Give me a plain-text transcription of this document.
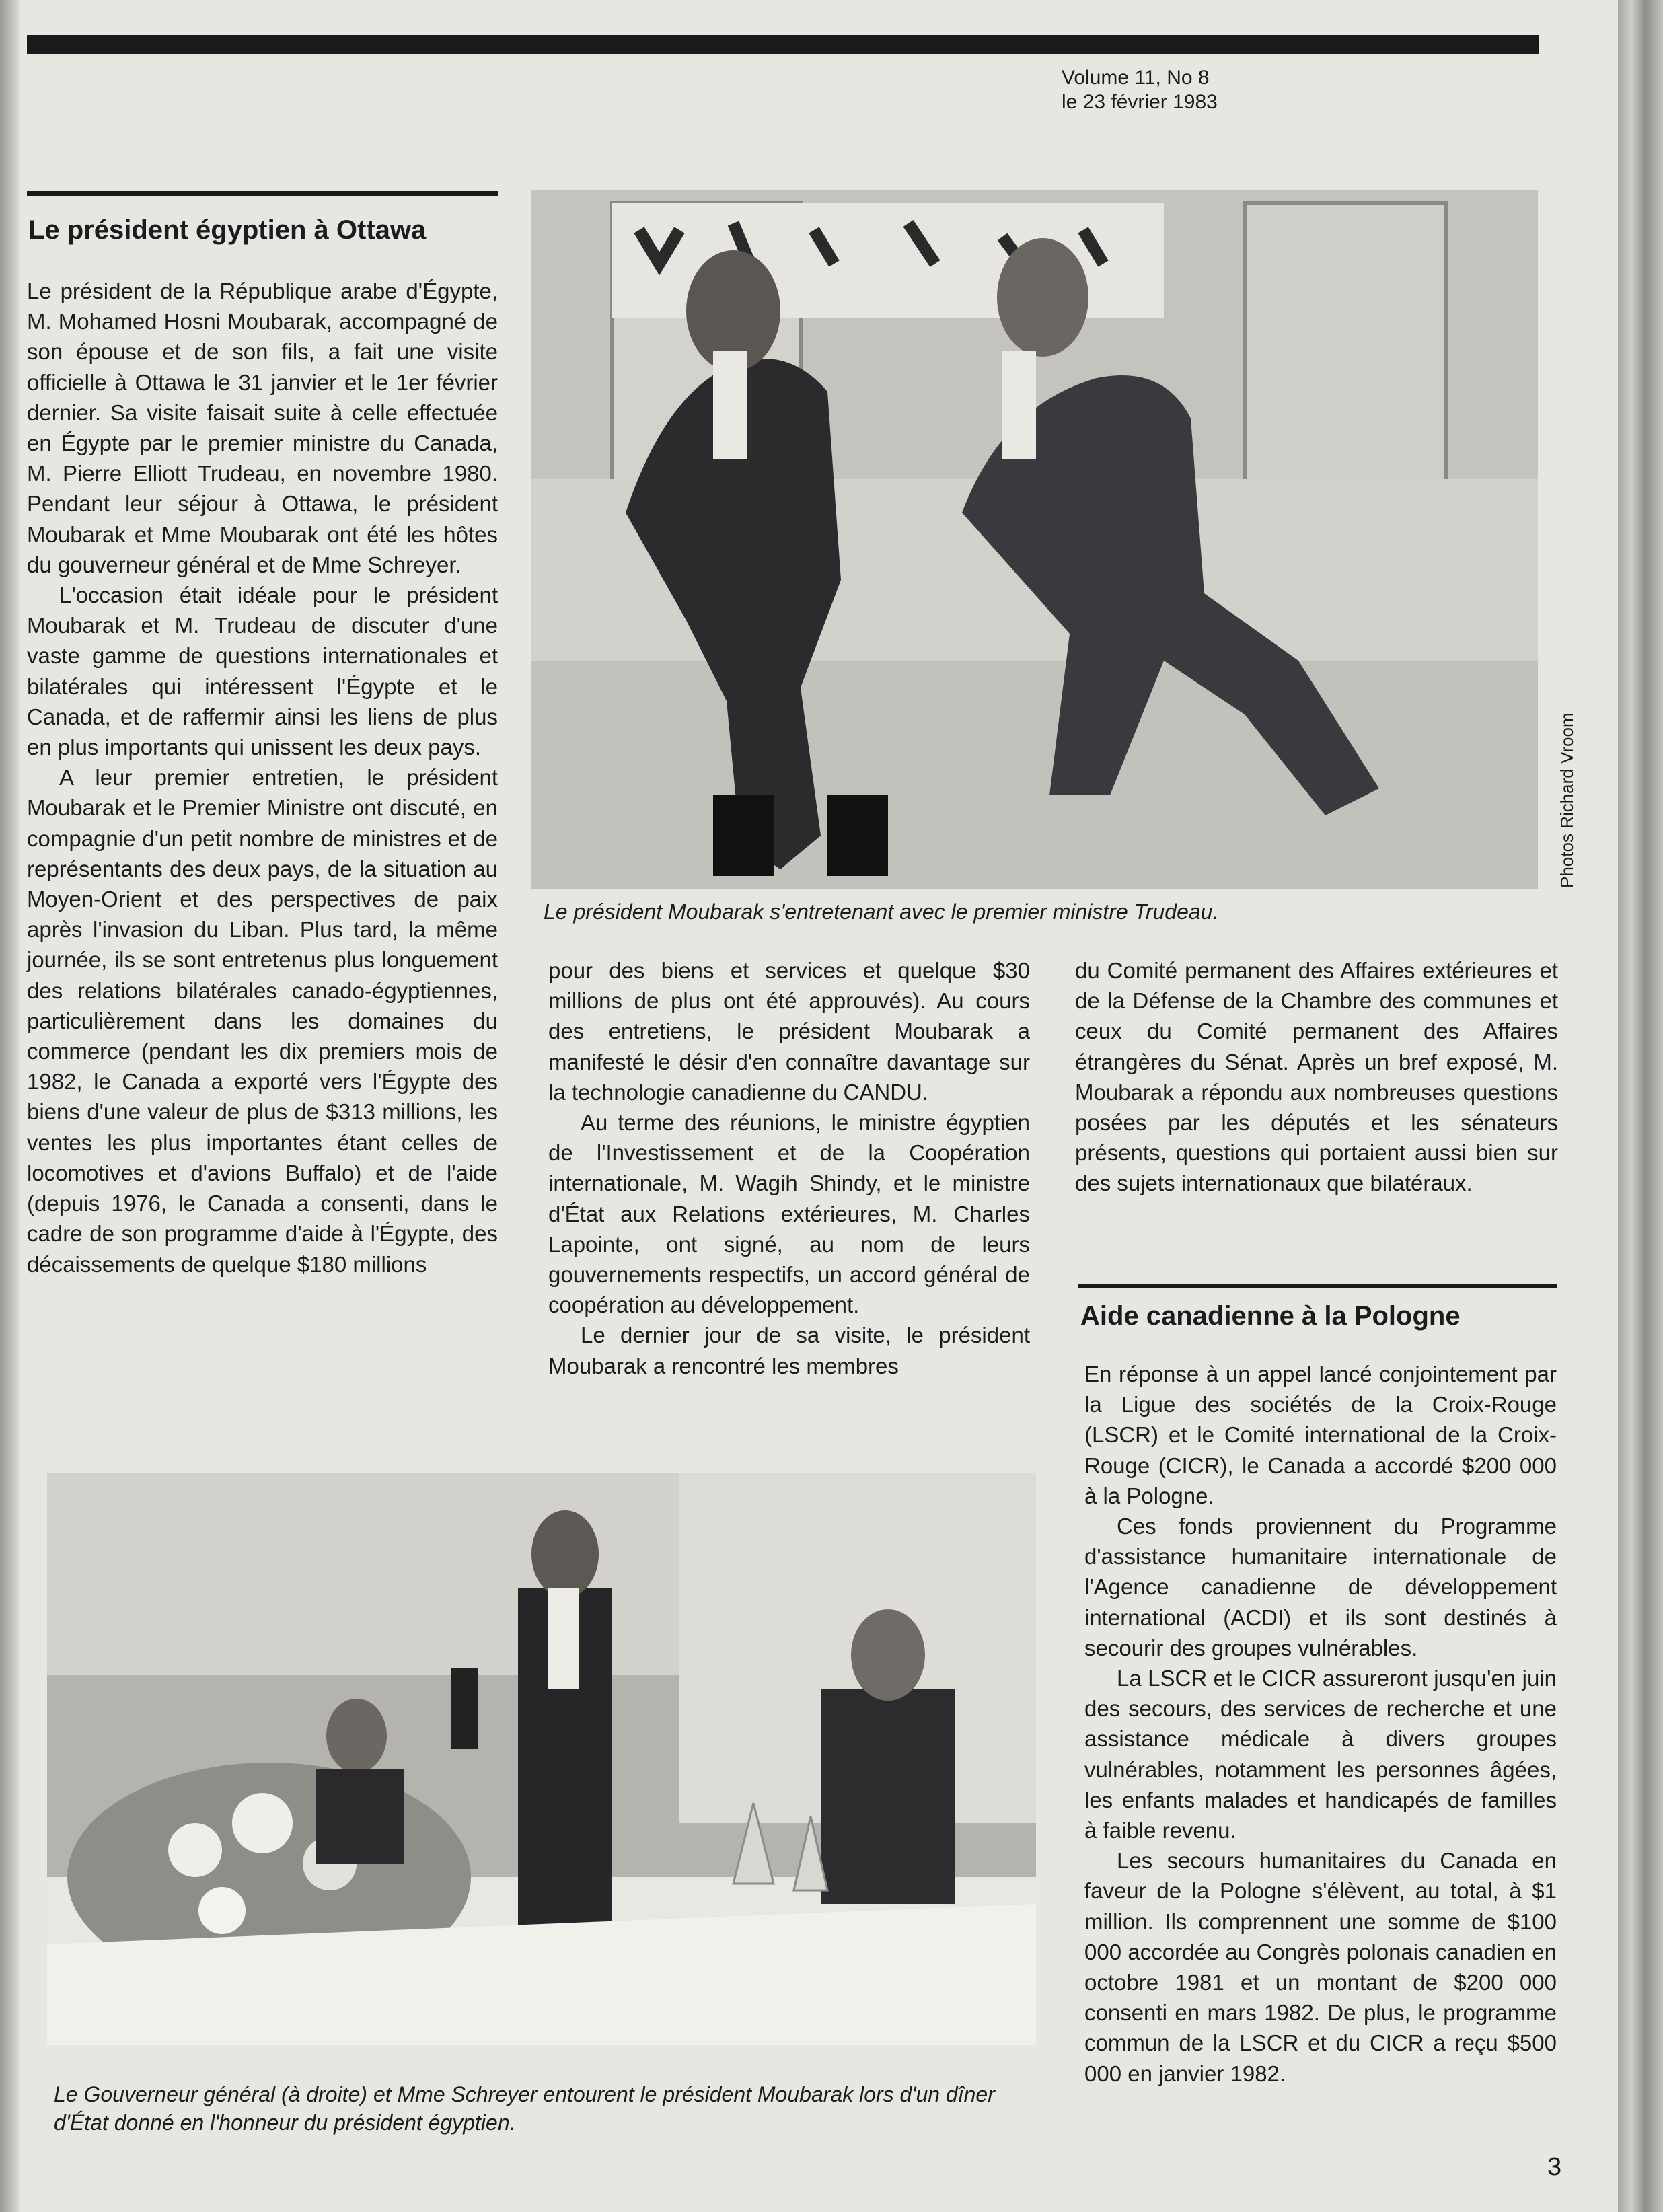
Volume 11, No 8
le 23 février 1983
Le président égyptien à Ottawa

Le président de la République arabe d'Égypte, M. Mohamed Hosni Moubarak, accompagné de son épouse et de son fils, a fait une visite officielle à Ottawa le 31 janvier et le 1er février dernier. Sa visite faisait suite à celle effectuée en Égypte par le premier ministre du Canada, M. Pierre Elliott Trudeau, en novembre 1980. Pendant leur séjour à Ottawa, le président Moubarak et Mme Moubarak ont été les hôtes du gouverneur général et de Mme Schreyer.

L'occasion était idéale pour le président Moubarak et M. Trudeau de discuter d'une vaste gamme de questions internationales et bilatérales qui intéressent l'Égypte et le Canada, et de raffermir ainsi les liens de plus en plus importants qui unissent les deux pays.

A leur premier entretien, le président Moubarak et le Premier Ministre ont discuté, en compagnie d'un petit nombre de ministres et de représentants des deux pays, de la situation au Moyen-Orient et des perspectives de paix après l'invasion du Liban. Plus tard, la même journée, ils se sont entretenus plus longuement des relations bilatérales canado-égyptiennes, particulièrement dans les domaines du commerce (pendant les dix premiers mois de 1982, le Canada a exporté vers l'Égypte des biens d'une valeur de plus de $313 millions, les ventes les plus importantes étant celles de locomotives et d'avions Buffalo) et de l'aide (depuis 1976, le Canada a consenti, dans le cadre de son programme d'aide à l'Égypte, des décaissements de quelque $180 millions

Photos Richard Vroom
Le président Moubarak s'entretenant avec le premier ministre Trudeau.

pour des biens et services et quelque $30 millions de plus ont été approuvés). Au cours des entretiens, le président Moubarak a manifesté le désir d'en connaître davantage sur la technologie canadienne du CANDU.

Au terme des réunions, le ministre égyptien de l'Investissement et de la Coopération internationale, M. Wagih Shindy, et le ministre d'État aux Relations extérieures, M. Charles Lapointe, ont signé, au nom de leurs gouvernements respectifs, un accord général de coopération au développement.

Le dernier jour de sa visite, le président Moubarak a rencontré les membres

du Comité permanent des Affaires extérieures et de la Défense de la Chambre des communes et ceux du Comité permanent des Affaires étrangères du Sénat. Après un bref exposé, M. Moubarak a répondu aux nombreuses questions posées par les députés et les sénateurs présents, questions qui portaient aussi bien sur des sujets internationaux que bilatéraux.

Le Gouverneur général (à droite) et Mme Schreyer entourent le président Moubarak lors d'un dîner d'État donné en l'honneur du président égyptien.
Aide canadienne à la Pologne

En réponse à un appel lancé conjointement par la Ligue des sociétés de la Croix-Rouge (LSCR) et le Comité international de la Croix-Rouge (CICR), le Canada a accordé $200 000 à la Pologne.

Ces fonds proviennent du Programme d'assistance humanitaire internationale de l'Agence canadienne de développement international (ACDI) et ils sont destinés à secourir des groupes vulnérables.

La LSCR et le CICR assureront jusqu'en juin des secours, des services de recherche et une assistance médicale à divers groupes vulnérables, notamment les personnes âgées, les enfants malades et handicapés de familles à faible revenu.

Les secours humanitaires du Canada en faveur de la Pologne s'élèvent, au total, à $1 million. Ils comprennent une somme de $100 000 accordée au Congrès polonais canadien en octobre 1981 et un montant de $200 000 consenti en mars 1982. De plus, le programme commun de la LSCR et du CICR a reçu $500 000 en janvier 1982.

3
